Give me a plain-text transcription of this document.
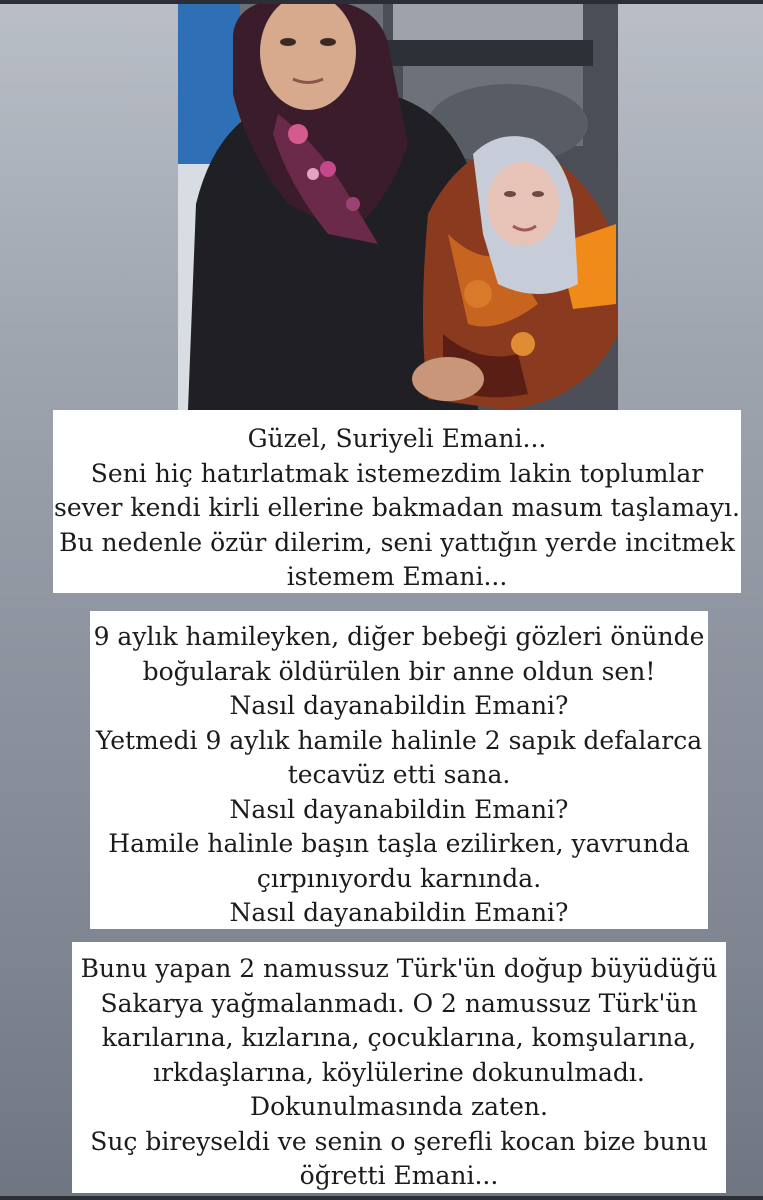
Güzel, Suriyeli Emani...
Seni hiç hatırlatmak istemezdim lakin toplumlar
sever kendi kirli ellerine bakmadan masum taşlamayı.
Bu nedenle özür dilerim, seni yattığın yerde incitmek
istemem Emani...
9 aylık hamileyken, diğer bebeği gözleri önünde
boğularak öldürülen bir anne oldun sen!
Nasıl dayanabildin Emani?
Yetmedi 9 aylık hamile halinle 2 sapık defalarca
tecavüz etti sana.
Nasıl dayanabildin Emani?
Hamile halinle başın taşla ezilirken, yavrunda
çırpınıyordu karnında.
Nasıl dayanabildin Emani?
Bunu yapan 2 namussuz Türk'ün doğup büyüdüğü
Sakarya yağmalanmadı. O 2 namussuz Türk'ün
karılarına, kızlarına, çocuklarına, komşularına,
ırkdaşlarına, köylülerine dokunulmadı.
Dokunulmasında zaten.
Suç bireyseldi ve senin o şerefli kocan bize bunu
öğretti Emani...
